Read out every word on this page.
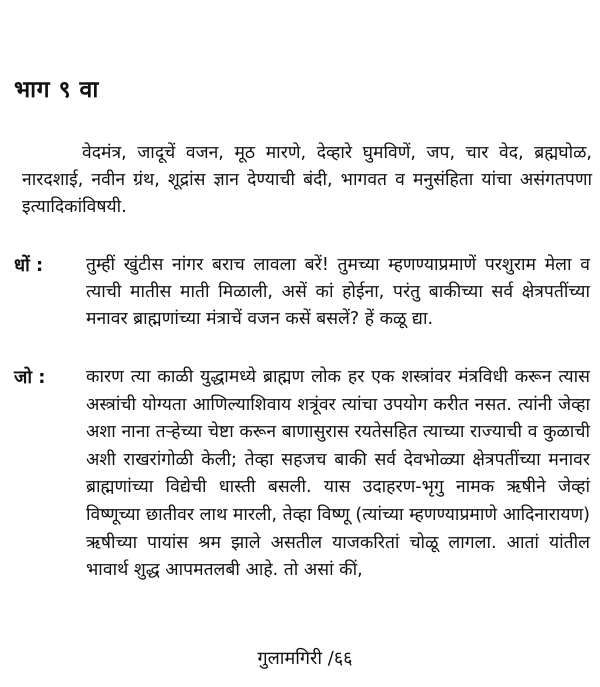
भाग ९ वा

वेदमंत्र, जादूचें वजन, मूठ मारणे, देव्हारे घुमविणें, जप, चार वेद, ब्रह्मघोळ, नारदशाई, नवीन ग्रंथ, शूद्रांस ज्ञान देण्याची बंदी, भागवत व मनुसंहिता यांचा असंगतपणा इत्यादिकांविषयी.

धों :	तुम्हीं खुंटीस नांगर बराच लावला बरें! तुमच्या म्हणण्याप्रमाणें परशुराम मेला व त्याची मातीस माती मिळाली, असें कां होईना, परंतु बाकीच्या सर्व क्षेत्रपतींच्या मनावर ब्राह्मणांच्या मंत्राचें वजन कसें बसलें? हें कळू द्या.
जो :	कारण त्या काळी युद्धामध्ये ब्राह्मण लोक हर एक शस्त्रांवर मंत्रविधी करून त्यास अस्त्रांची योग्यता आणिल्याशिवाय शत्रूंवर त्यांचा उपयोग करीत नसत. त्यांनी जेव्हा अशा नाना तऱ्हेच्या चेष्टा करून बाणासुरास रयतेसहित त्याच्या राज्याची व कुळाची अशी राखरांगोळी केली; तेव्हा सहजच बाकी सर्व देवभोळ्या क्षेत्रपतींच्या मनावर ब्राह्मणांच्या विद्येची धास्ती बसली. यास उदाहरण-भृगु नामक ऋषीने जेव्हां विष्णूच्या छातीवर लाथ मारली, तेव्हा विष्णू (त्यांच्या म्हणण्याप्रमाणे आदिनारायण) ऋषीच्या पायांस श्रम झाले असतील याजकरितां चोळू लागला. आतां यांतील भावार्थ शुद्ध आपमतलबी आहे. तो असां कीं,
गुलामगिरी /६६
